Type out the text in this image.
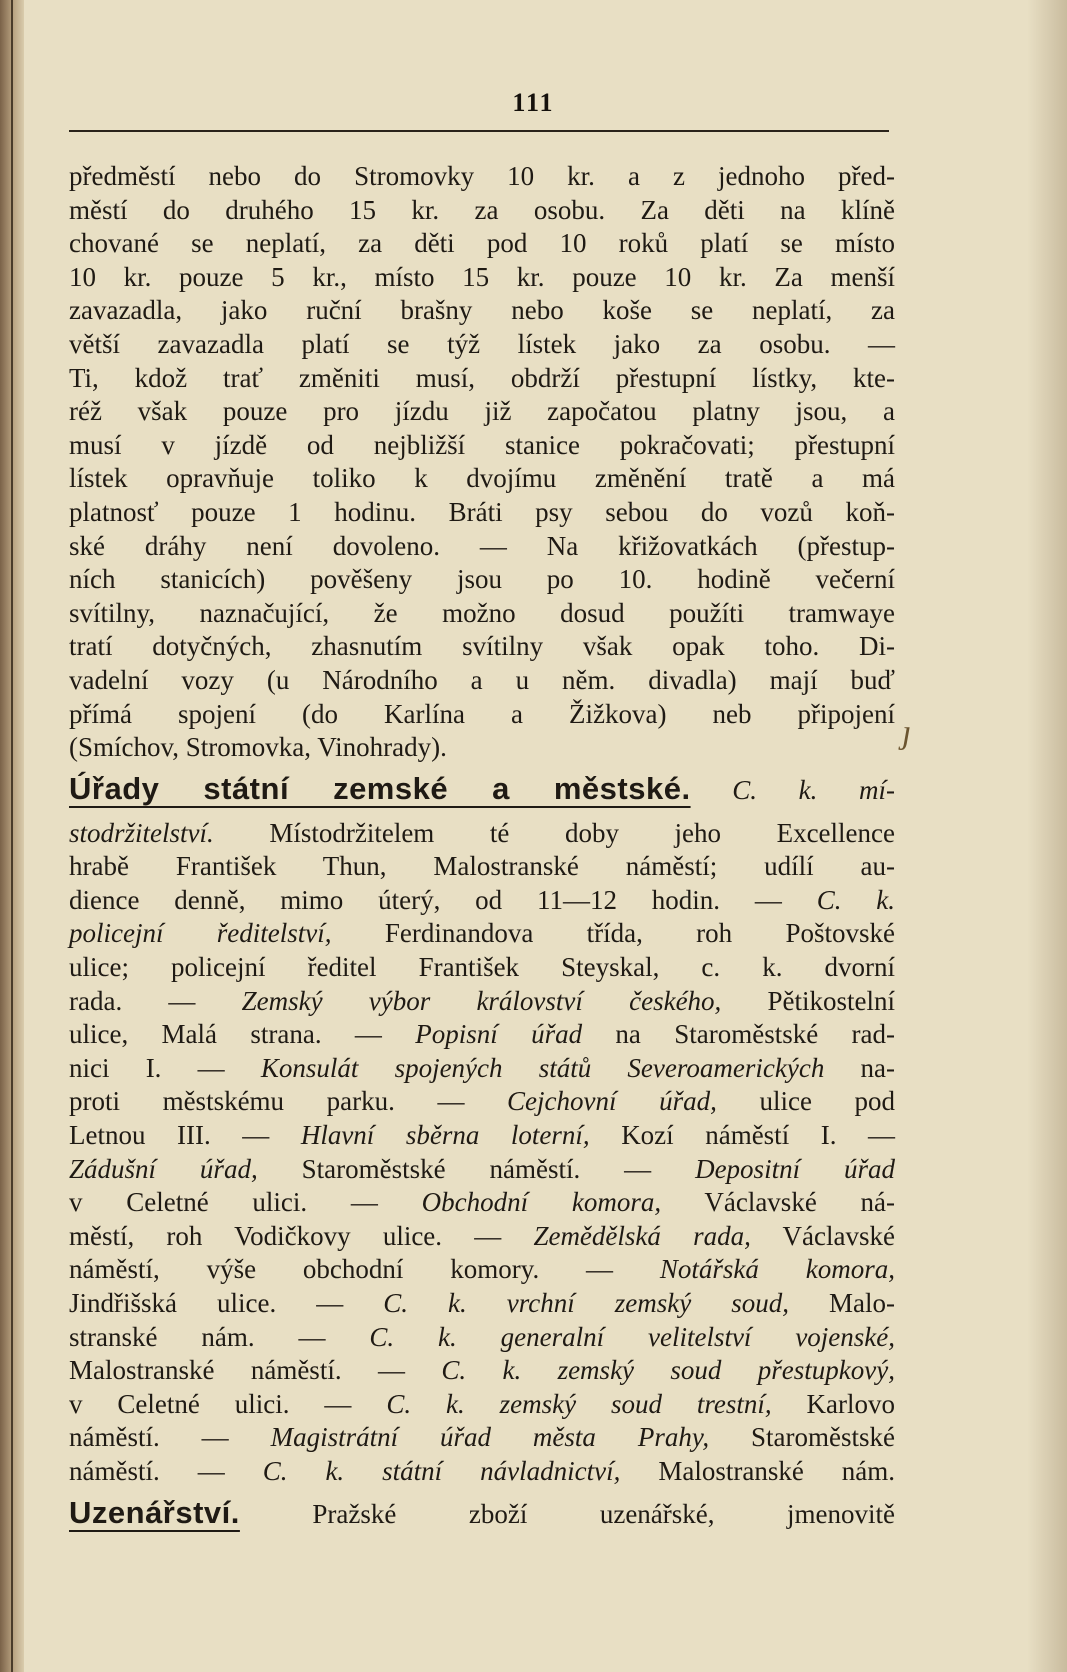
111
předměstí nebo do Stromovky 10 kr. a z jednoho před-
městí do druhého 15 kr. za osobu. Za děti na klíně
chované se neplatí, za děti pod 10 roků platí se místo
10 kr. pouze 5 kr., místo 15 kr. pouze 10 kr. Za menší
zavazadla, jako ruční brašny nebo koše se neplatí, za
větší zavazadla platí se týž lístek jako za osobu. —
Ti, kdož trať změniti musí, obdrží přestupní lístky, kte-
réž však pouze pro jízdu již započatou platny jsou, a
musí v jízdě od nejbližší stanice pokračovati; přestupní
lístek opravňuje toliko k dvojímu změnění tratě a má
platnosť pouze 1 hodinu. Bráti psy sebou do vozů koň-
ské dráhy není dovoleno. — Na křižovatkách (přestup-
ních stanicích) pověšeny jsou po 10. hodině večerní
svítilny, naznačující, že možno dosud použíti tramwaye
tratí dotyčných, zhasnutím svítilny však opak toho. Di-
vadelní vozy (u Národního a u něm. divadla) mají buď
přímá spojení (do Karlína a Žižkova) neb připojení
(Smíchov, Stromovka, Vinohrady).
Úřady státní zemské a městské. C. k. mí-
stodržitelství. Místodržitelem té doby jeho Excellence
hrabě František Thun, Malostranské náměstí; udílí au-
dience denně, mimo úterý, od 11—12 hodin. — C. k.
policejní ředitelství, Ferdinandova třída, roh Poštovské
ulice; policejní ředitel František Steyskal, c. k. dvorní
rada. — Zemský výbor království českého, Pětikostelní
ulice, Malá strana. — Popisní úřad na Staroměstské rad-
nici I. — Konsulát spojených států Severoamerických na-
proti městskému parku. — Cejchovní úřad, ulice pod
Letnou III. — Hlavní sběrna loterní, Kozí náměstí I. —
Zádušní úřad, Staroměstské náměstí. — Depositní úřad
v Celetné ulici. — Obchodní komora, Václavské ná-
městí, roh Vodičkovy ulice. — Zemědělská rada, Václavské
náměstí, výše obchodní komory. — Notářská komora,
Jindřišská ulice. — C. k. vrchní zemský soud, Malo-
stranské nám. — C. k. generalní velitelství vojenské,
Malostranské náměstí. — C. k. zemský soud přestupkový,
v Celetné ulici. — C. k. zemský soud trestní, Karlovo
náměstí. — Magistrátní úřad města Prahy, Staroměstské
náměstí. — C. k. státní návladnictví, Malostranské nám.
Uzenářství.	Pražské zboží uzenářské, jmenovitě
ȷ
